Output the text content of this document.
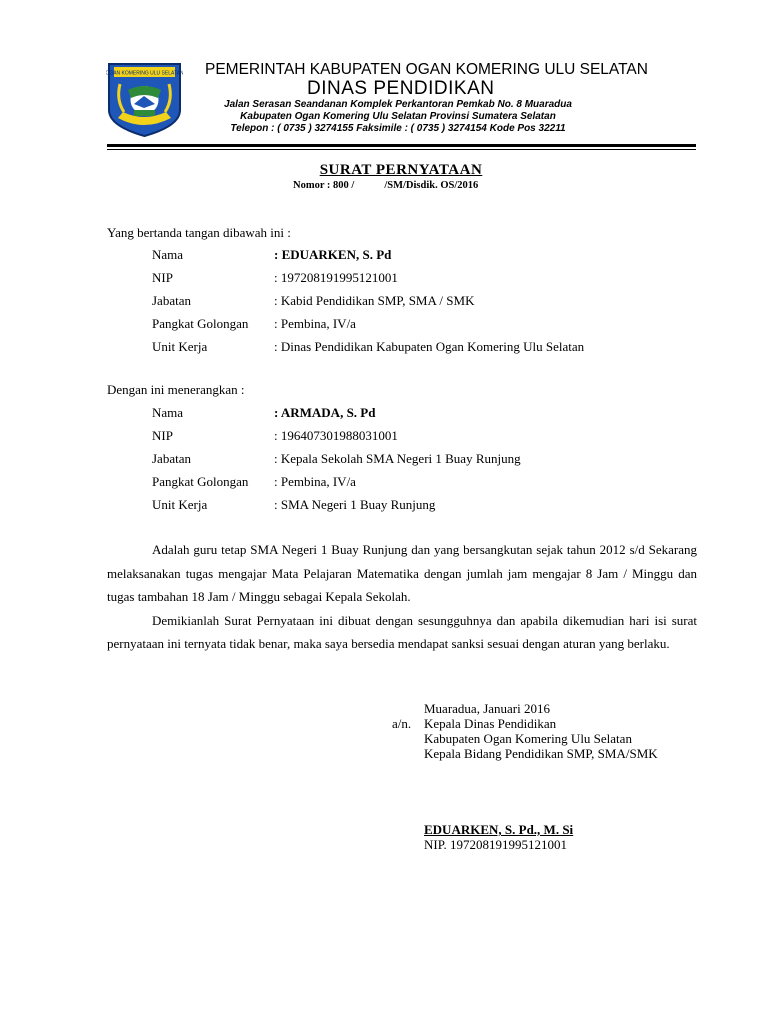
OGAN KOMERING ULU SELATAN PEMERINTAH KABUPATEN OGAN KOMERING ULU SELATAN
DINAS PENDIDIKAN
Jalan Serasan Seandanan Komplek Perkantoran Pemkab No. 8 Muaradua
Kabupaten Ogan Komering Ulu Selatan Provinsi Sumatera Selatan
Telepon : ( 0735 ) 3274155 Faksimile : ( 0735 ) 3274154 Kode Pos 32211
SURAT PERNYATAAN
Nomor : 800 /	/SM/Disdik. OS/2016
Yang bertanda tangan dibawah ini :
Nama	: EDUARKEN, S. Pd
NIP	: 197208191995121001
Jabatan	: Kabid Pendidikan SMP, SMA / SMK
Pangkat Golongan : Pembina, IV/a
Unit Kerja	: Dinas Pendidikan Kabupaten Ogan Komering Ulu Selatan
Dengan ini menerangkan :
Nama	: ARMADA, S. Pd
NIP	: 196407301988031001
Jabatan	: Kepala Sekolah SMA Negeri 1 Buay Runjung
Pangkat Golongan : Pembina, IV/a
Unit Kerja	: SMA Negeri 1 Buay Runjung

Adalah guru tetap SMA Negeri 1 Buay Runjung dan yang bersangkutan sejak tahun 2012 s/d Sekarang melaksanakan tugas mengajar Mata Pelajaran Matematika dengan jumlah jam mengajar 8 Jam / Minggu dan tugas tambahan 18 Jam / Minggu sebagai Kepala Sekolah.

Demikianlah Surat Pernyataan ini dibuat dengan sesungguhnya dan apabila dikemudian hari isi surat pernyataan ini ternyata tidak benar, maka saya bersedia mendapat sanksi sesuai dengan aturan yang berlaku.

Muaradua, Januari 2016
a/n. Kepala Dinas Pendidikan
Kabupaten Ogan Komering Ulu Selatan
Kepala Bidang Pendidikan SMP, SMA/SMK
EDUARKEN, S. Pd., M. Si
NIP. 197208191995121001
